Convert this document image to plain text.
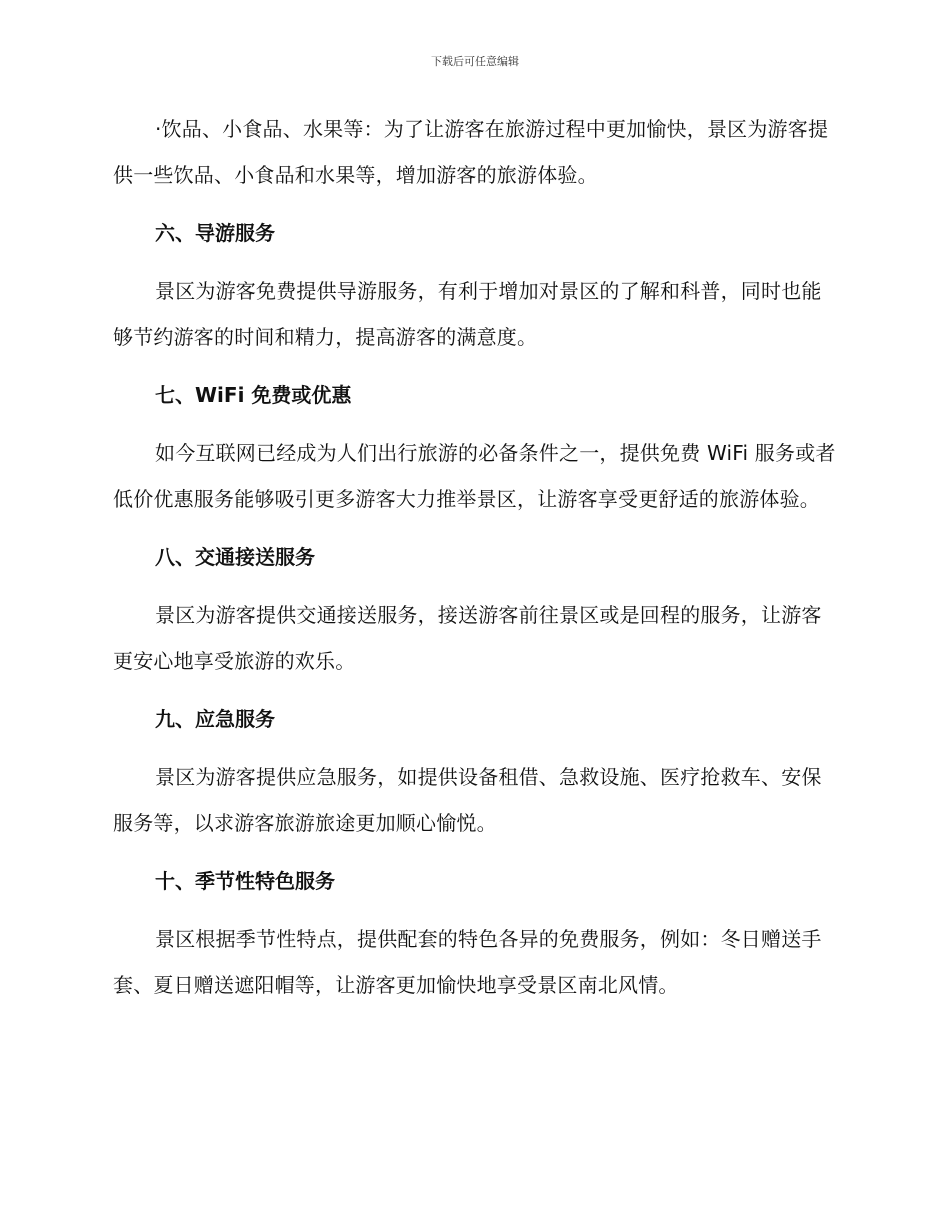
下载后可任意编辑

·饮品、小食品、水果等：为了让游客在旅游过程中更加愉快，景区为游客提供一些饮品、小食品和水果等，增加游客的旅游体验。

六、导游服务

景区为游客免费提供导游服务，有利于增加对景区的了解和科普，同时也能够节约游客的时间和精力，提高游客的满意度。

七、WiFi 免费或优惠

如今互联网已经成为人们出行旅游的必备条件之一，提供免费 WiFi 服务或者低价优惠服务能够吸引更多游客大力推举景区，让游客享受更舒适的旅游体验。

八、交通接送服务

景区为游客提供交通接送服务，接送游客前往景区或是回程的服务，让游客更安心地享受旅游的欢乐。

九、应急服务

景区为游客提供应急服务，如提供设备租借、急救设施、医疗抢救车、安保服务等，以求游客旅游旅途更加顺心愉悦。

十、季节性特色服务

景区根据季节性特点，提供配套的特色各异的免费服务，例如：冬日赠送手套、夏日赠送遮阳帽等，让游客更加愉快地享受景区南北风情。
